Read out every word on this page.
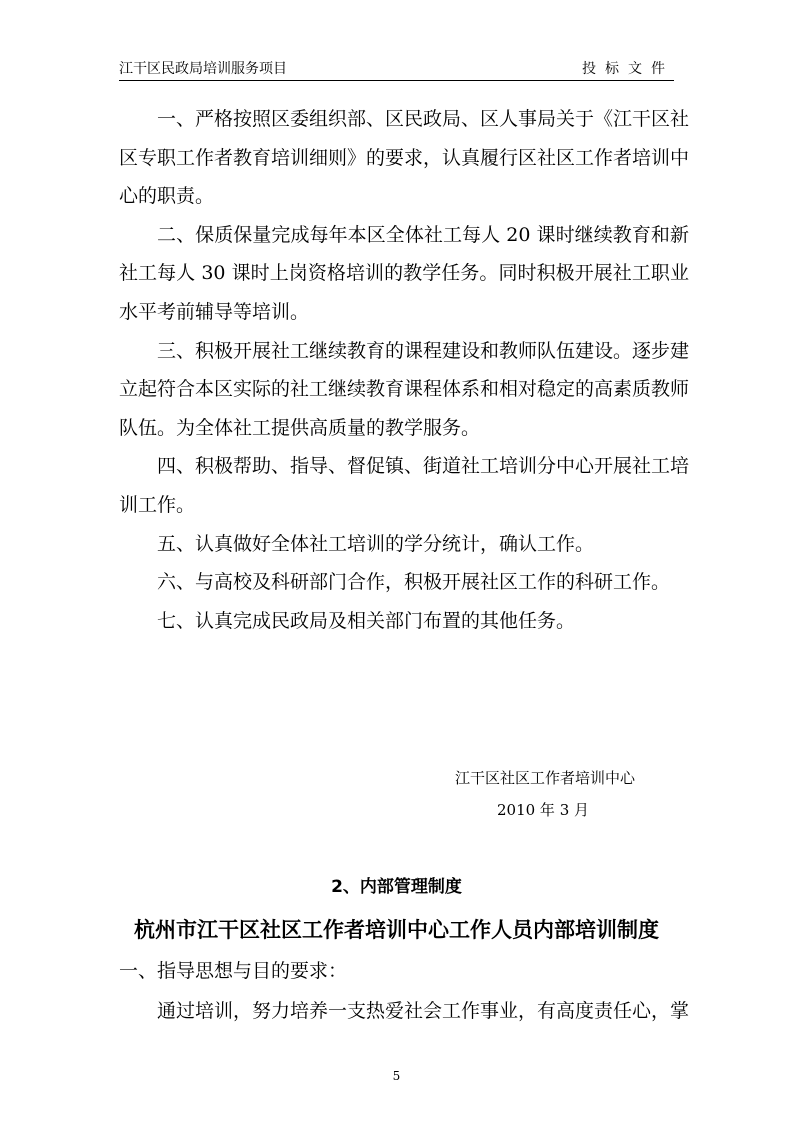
江干区民政局培训服务项目	投标文件

一、严格按照区委组织部、区民政局、区人事局关于《江干区社区专职工作者教育培训细则》的要求，认真履行区社区工作者培训中心的职责。

二、保质保量完成每年本区全体社工每人 20 课时继续教育和新社工每人 30 课时上岗资格培训的教学任务。同时积极开展社工职业水平考前辅导等培训。

三、积极开展社工继续教育的课程建设和教师队伍建设。逐步建立起符合本区实际的社工继续教育课程体系和相对稳定的高素质教师队伍。为全体社工提供高质量的教学服务。

四、积极帮助、指导、督促镇、街道社工培训分中心开展社工培训工作。

五、认真做好全体社工培训的学分统计，确认工作。

六、与高校及科研部门合作，积极开展社区工作的科研工作。

七、认真完成民政局及相关部门布置的其他任务。

江干区社区工作者培训中心
2010 年 3 月
2、内部管理制度
杭州市江干区社区工作者培训中心工作人员内部培训制度
一、指导思想与目的要求：
通过培训，努力培养一支热爱社会工作事业，有高度责任心，掌
5
